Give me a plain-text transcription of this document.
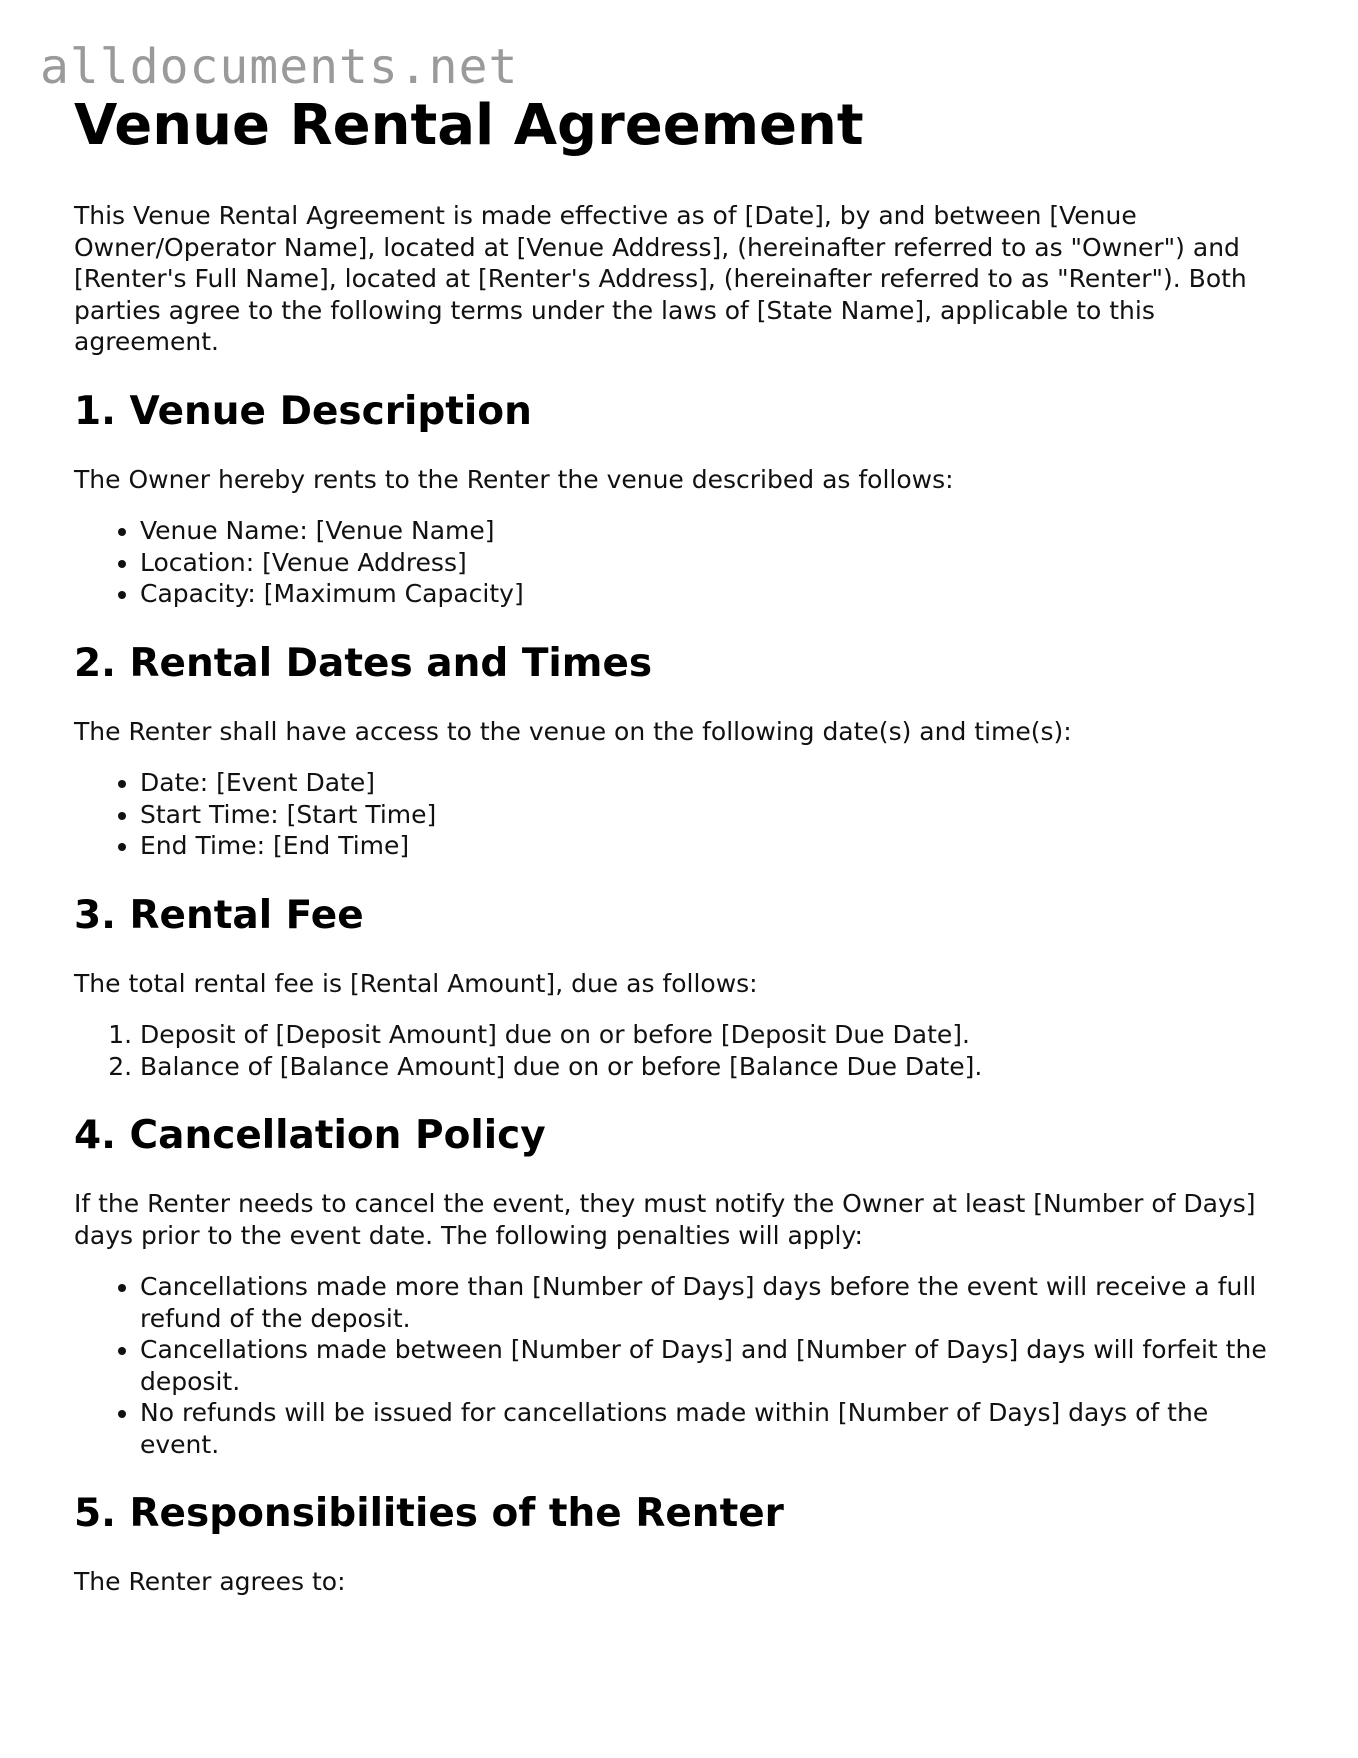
alldocuments.net
Venue Rental Agreement

This Venue Rental Agreement is made effective as of [Date], by and between [Venue Owner/Operator Name], located at [Venue Address], (hereinafter referred to as "Owner") and [Renter's Full Name], located at [Renter's Address], (hereinafter referred to as "Renter"). Both parties agree to the following terms under the laws of [State Name], applicable to this agreement.

1. Venue Description

The Owner hereby rents to the Renter the venue described as follows:

• Venue Name: [Venue Name]
• Location: [Venue Address]
• Capacity: [Maximum Capacity]
2. Rental Dates and Times

The Renter shall have access to the venue on the following date(s) and time(s):

• Date: [Event Date]
• Start Time: [Start Time]
• End Time: [End Time]
3. Rental Fee

The total rental fee is [Rental Amount], due as follows:

1. Deposit of [Deposit Amount] due on or before [Deposit Due Date].
2. Balance of [Balance Amount] due on or before [Balance Due Date].
4. Cancellation Policy

If the Renter needs to cancel the event, they must notify the Owner at least [Number of Days] days prior to the event date. The following penalties will apply:

• Cancellations made more than [Number of Days] days before the event will receive a full refund of the deposit.
• Cancellations made between [Number of Days] and [Number of Days] days will forfeit the deposit.
• No refunds will be issued for cancellations made within [Number of Days] days of the event.
5. Responsibilities of the Renter

The Renter agrees to:
